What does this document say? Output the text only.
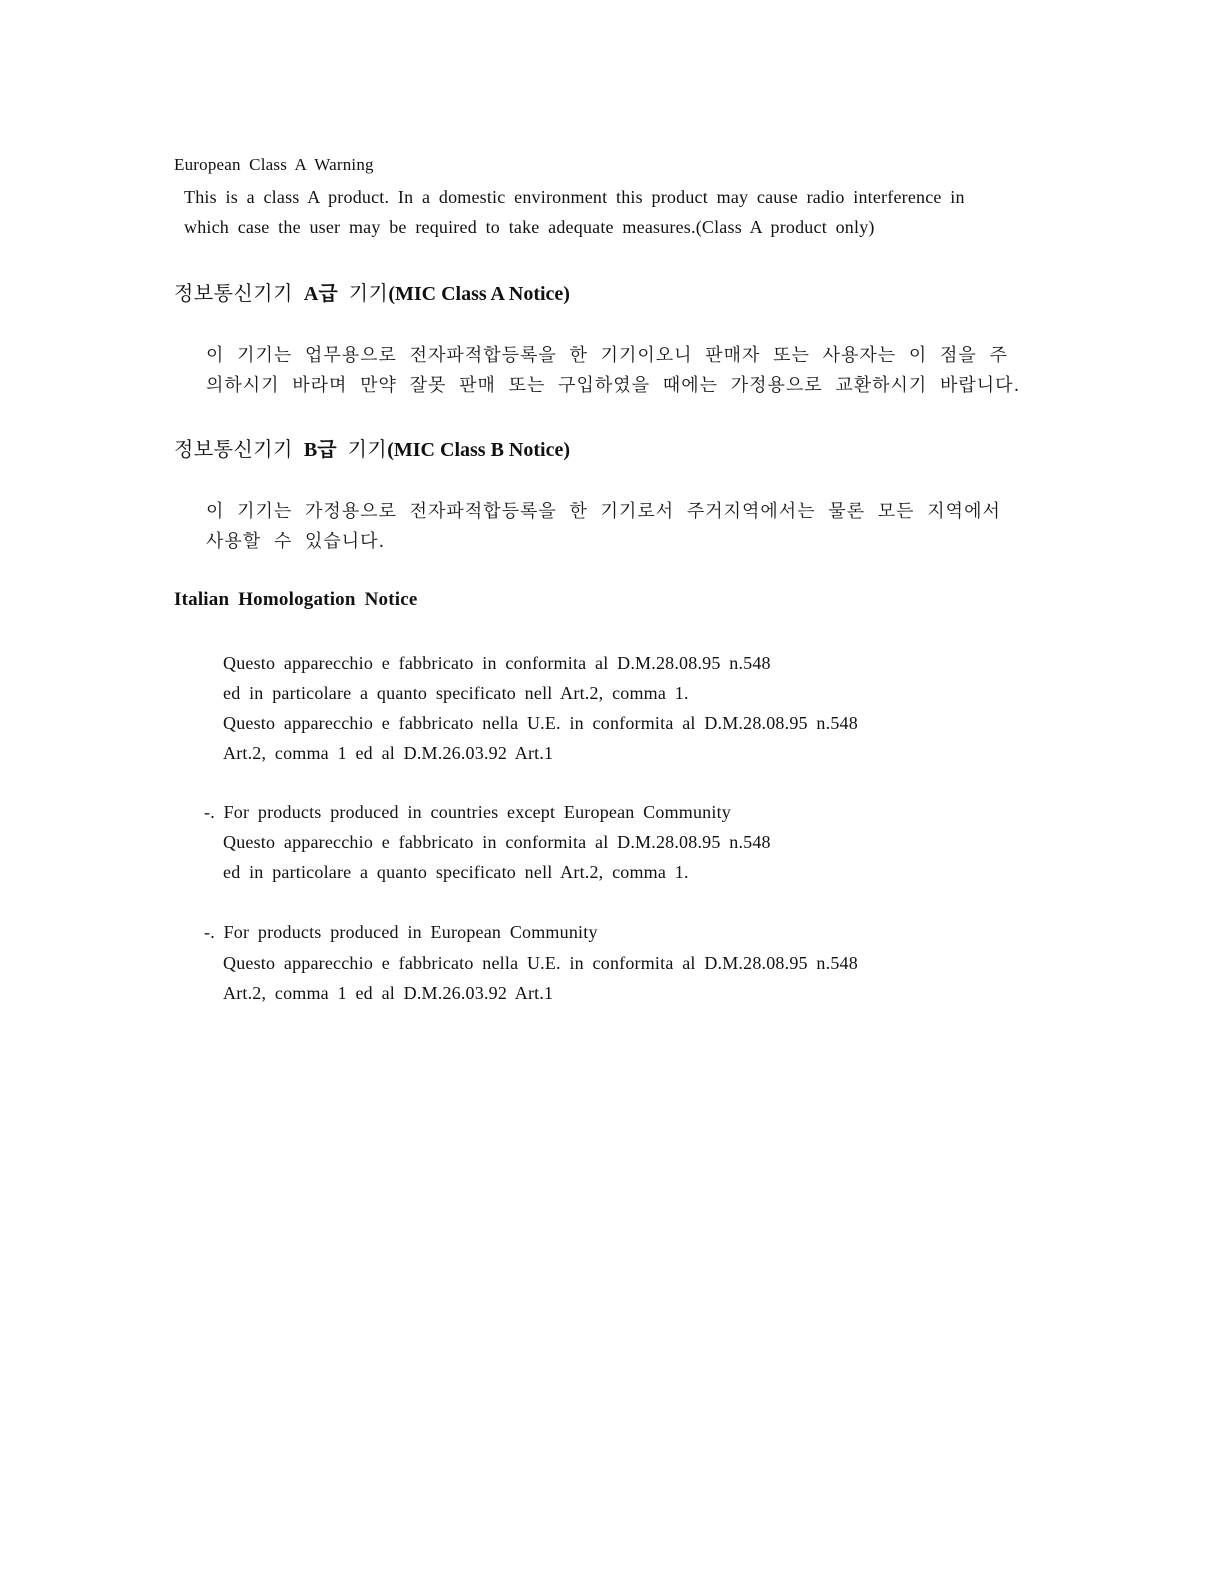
European Class A Warning
This is a class A product. In a domestic environment this product may cause radio interference in
which case the user may be required to take adequate measures.(Class A product only)
정보통신기기 A급 기기(MIC Class A Notice)
이 기기는 업무용으로 전자파적합등록을 한 기기이오니 판매자 또는 사용자는 이 점을 주
의하시기 바라며 만약 잘못 판매 또는 구입하였을 때에는 가정용으로 교환하시기 바랍니다.
정보통신기기 B급 기기(MIC Class B Notice)
이 기기는 가정용으로 전자파적합등록을 한 기기로서 주거지역에서는 물론 모든 지역에서
사용할 수 있습니다.
Italian Homologation Notice
Questo apparecchio e fabbricato in conformita al D.M.28.08.95 n.548
ed in particolare a quanto specificato nell Art.2, comma 1.
Questo apparecchio e fabbricato nella U.E. in conformita al D.M.28.08.95 n.548
Art.2, comma 1 ed al D.M.26.03.92 Art.1
-. For products produced in countries except European Community
Questo apparecchio e fabbricato in conformita al D.M.28.08.95 n.548
ed in particolare a quanto specificato nell Art.2, comma 1.
-. For products produced in European Community
Questo apparecchio e fabbricato nella U.E. in conformita al D.M.28.08.95 n.548
Art.2, comma 1 ed al D.M.26.03.92 Art.1
